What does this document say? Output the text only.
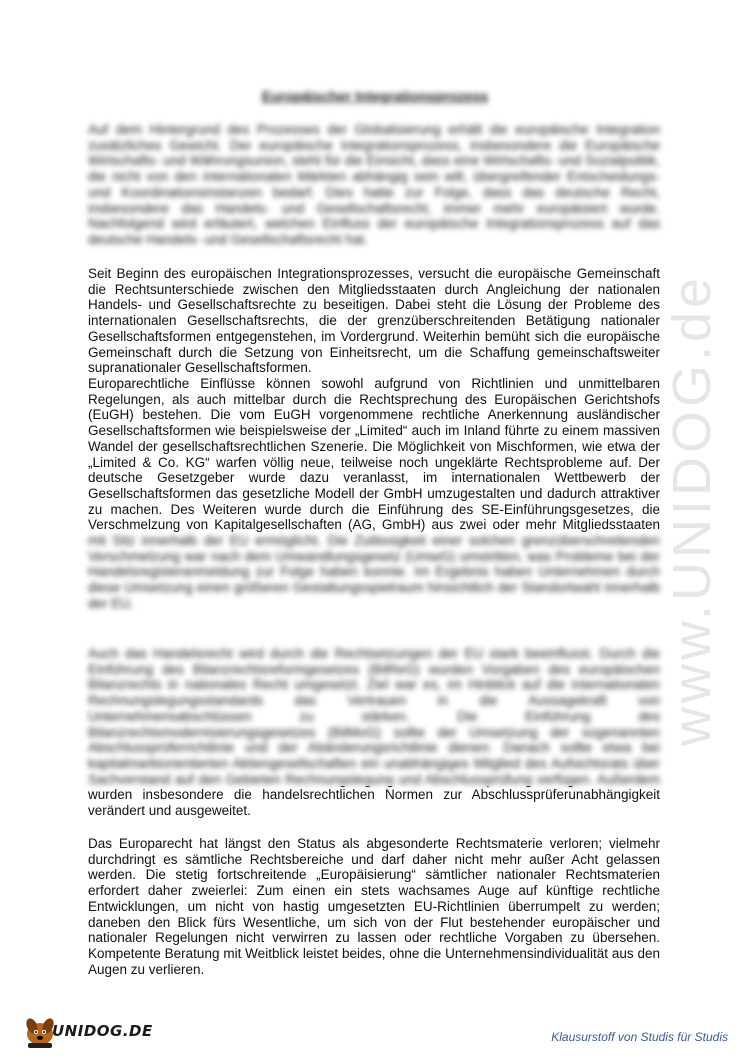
www.UNIDOG.de
Europäischer Integrationsprozess

Auf dem Hintergrund des Prozesses der Globalisierung erhält die europäische Integration zusätzliches Gewicht. Der europäische Integrationsprozess, insbesondere die Europäische Wirtschafts- und Währungsunion, steht für die Einsicht, dass eine Wirtschafts- und Sozialpolitik, die nicht von den internationalen Märkten abhängig sein will, übergreifender Entscheidungs- und Koordinationsinstanzen bedarf. Dies hatte zur Folge, dass das deutsche Recht, insbesondere das Handels- und Gesellschaftsrecht, immer mehr europäisiert wurde. Nachfolgend wird erläutert, welchen Einfluss der europäische Integrationsprozess auf das deutsche Handels- und Gesellschaftsrecht hat.

Seit Beginn des europäischen Integrationsprozesses, versucht die europäische Gemeinschaft die Rechtsunterschiede zwischen den Mitgliedsstaaten durch Angleichung der nationalen Handels- und Gesellschaftsrechte zu beseitigen. Dabei steht die Lösung der Probleme des internationalen Gesellschaftsrechts, die der grenzüberschreitenden Betätigung nationaler Gesellschaftsformen entgegenstehen, im Vordergrund. Weiterhin bemüht sich die europäische Gemeinschaft durch die Setzung von Einheitsrecht, um die Schaffung gemeinschaftsweiter supranationaler Gesellschaftsformen.

Europarechtliche Einflüsse können sowohl aufgrund von Richtlinien und unmittelbaren Regelungen, als auch mittelbar durch die Rechtsprechung des Europäischen Gerichtshofs (EuGH) bestehen. Die vom EuGH vorgenommene rechtliche Anerkennung ausländischer Gesellschaftsformen wie beispielsweise der „Limited“ auch im Inland führte zu einem massiven Wandel der gesellschaftsrechtlichen Szenerie. Die Möglichkeit von Mischformen, wie etwa der „Limited & Co. KG“ warfen völlig neue, teilweise noch ungeklärte Rechtsprobleme auf. Der deutsche Gesetzgeber wurde dazu veranlasst, im internationalen Wettbewerb der Gesellschaftsformen das gesetzliche Modell der GmbH umzugestalten und dadurch attraktiver zu machen. Des Weiteren wurde durch die Einführung des SE-Einführungsgesetzes, die Verschmelzung von Kapitalgesellschaften (AG, GmbH) aus zwei oder mehr Mitgliedsstaaten

mit Sitz innerhalb der EU ermöglicht. Die Zulässigkeit einer solchen grenzüberschreitenden Verschmelzung war nach dem Umwandlungsgesetz (UmwG) umstritten, was Probleme bei der Handelsregisteranmeldung zur Folge haben konnte. Im Ergebnis haben Unternehmen durch diese Umsetzung einen größeren Gestaltungsspielraum hinsichtlich der Standortwahl innerhalb der EU.

Auch das Handelsrecht wird durch die Rechtsetzungen der EU stark beeinflusst. Durch die Einführung des Bilanzrechtsreformgesetzes (BilReG) wurden Vorgaben des europäischen Bilanzrechts in nationales Recht umgesetzt. Ziel war es, im Hinblick auf die internationalen Rechnungslegungsstandards das Vertrauen in die Aussagekraft von Unternehmensabschlüssen zu stärken. Die Einführung des Bilanzrechtsmodernisierungsgesetzes (BilMoG) sollte der Umsetzung der sogenannten Abschlussprüferrichtlinie und der Abänderungsrichtlinie dienen. Danach sollte etwa bei kapitalmarktorientierten Aktiengesellschaften ein unabhängiges Mitglied des Aufsichtsrats über Sachverstand auf den Gebieten Rechnungslegung und Abschlussprüfung verfügen. Außerdem

wurden insbesondere die handelsrechtlichen Normen zur Abschlussprüferunabhängigkeit verändert und ausgeweitet.

Das Europarecht hat längst den Status als abgesonderte Rechtsmaterie verloren; vielmehr durchdringt es sämtliche Rechtsbereiche und darf daher nicht mehr außer Acht gelassen werden. Die stetig fortschreitende „Europäisierung“ sämtlicher nationaler Rechtsmaterien erfordert daher zweierlei: Zum einen ein stets wachsames Auge auf künftige rechtliche Entwicklungen, um nicht von hastig umgesetzten EU-Richtlinien überrumpelt zu werden; daneben den Blick fürs Wesentliche, um sich von der Flut bestehender europäischer und nationaler Regelungen nicht verwirren zu lassen oder rechtliche Vorgaben zu übersehen. Kompetente Beratung mit Weitblick leistet beides, ohne die Unternehmensindividualität aus den Augen zu verlieren.

UNIDOG.DE	Klausurstoff von Studis für Studis
